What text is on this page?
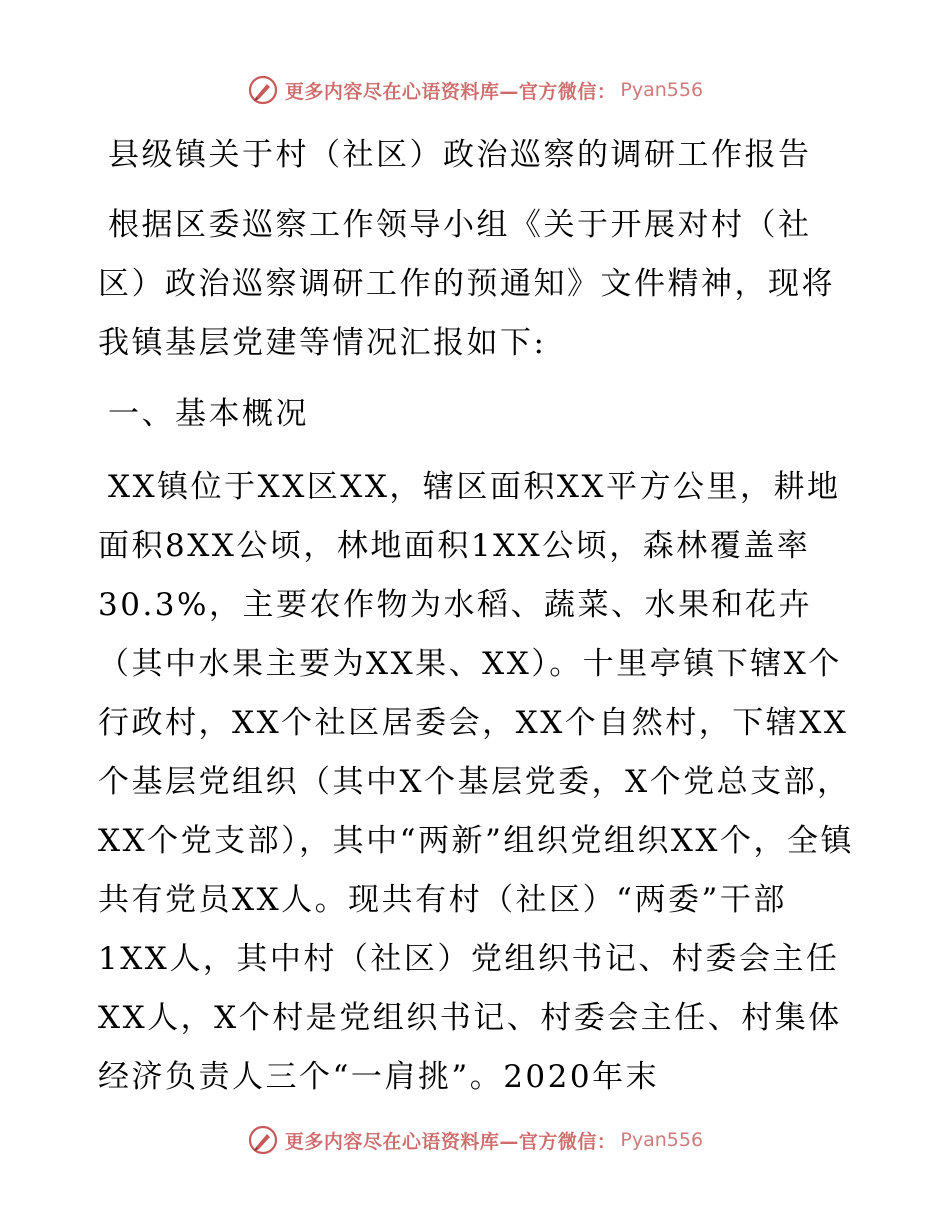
更多内容尽在心语资料库—官方微信： Pyan556

县级镇关于村（社区）政治巡察的调研工作报告

根据区委巡察工作领导小组《关于开展对村（社区）政治巡察调研工作的预通知》文件精神，现将我镇基层党建等情况汇报如下:

一、基本概况

XX镇位于XX区XX，辖区面积XX平方公里，耕地面积8XX公顷，林地面积1XX公顷，森林覆盖率30.3%，主要农作物为水稻、蔬菜、水果和花卉（其中水果主要为XX果、XX）。十里亭镇下辖X个行政村，XX个社区居委会，XX个自然村，下辖XX个基层党组织（其中X个基层党委，X个党总支部，XX个党支部），其中“两新”组织党组织XX个，全镇共有党员XX人。现共有村（社区）“两委”干部1XX人，其中村（社区）党组织书记、村委会主任XX人，X个村是党组织书记、村委会主任、村集体经济负责人三个“一肩挑”。2020年末

更多内容尽在心语资料库—官方微信： Pyan556
